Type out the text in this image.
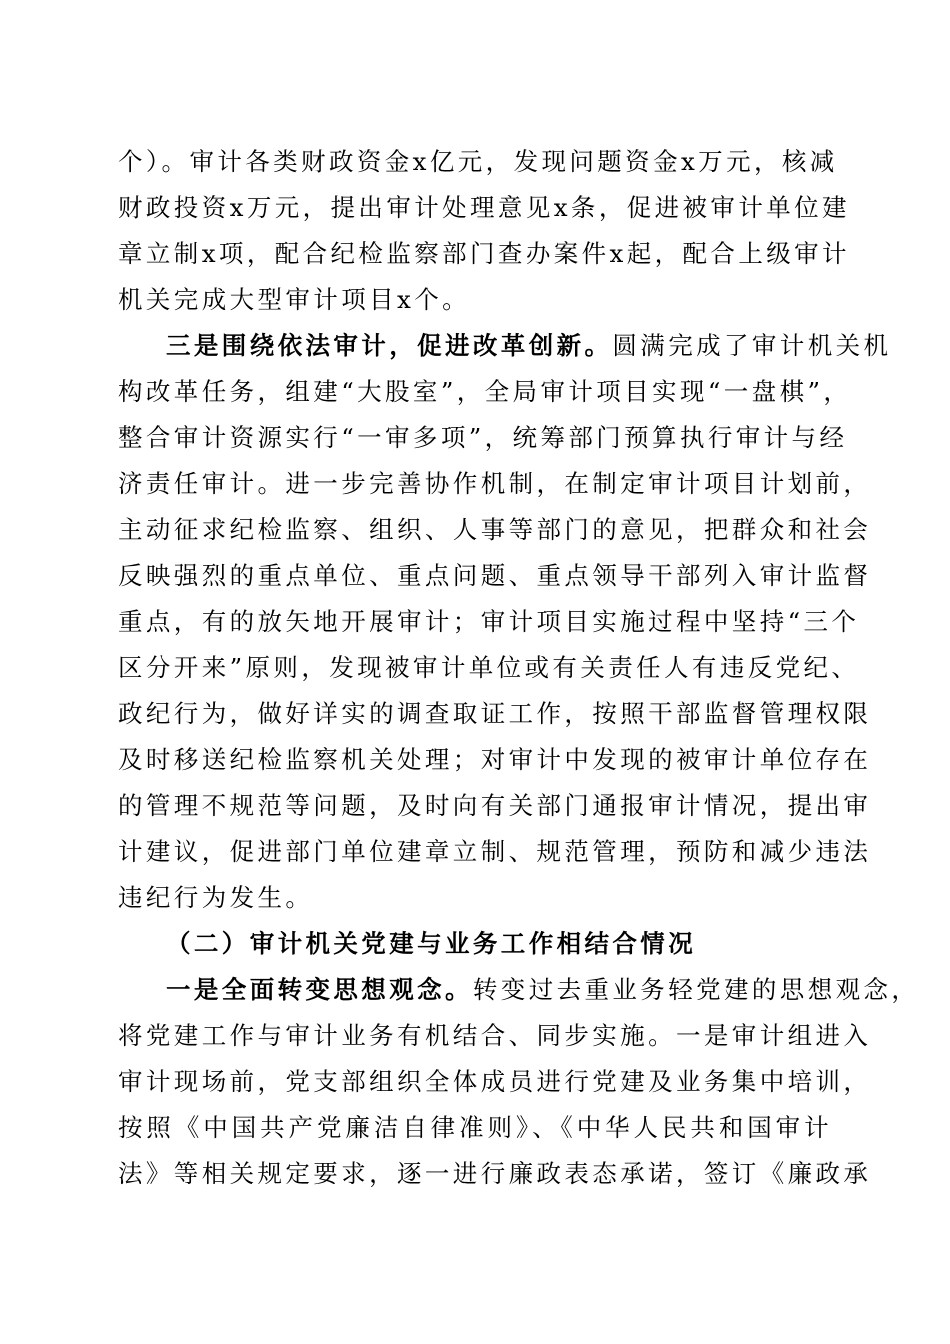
个）。审计各类财政资金x亿元，发现问题资金x万元，核减
财政投资x万元，提出审计处理意见x条，促进被审计单位建
章立制x项，配合纪检监察部门查办案件x起，配合上级审计
机关完成大型审计项目x个。
三是围绕依法审计，促进改革创新。圆满完成了审计机关机
构改革任务，组建“大股室”，全局审计项目实现“一盘棋”，
整合审计资源实行“一审多项”，统筹部门预算执行审计与经
济责任审计。进一步完善协作机制，在制定审计项目计划前，
主动征求纪检监察、组织、人事等部门的意见，把群众和社会
反映强烈的重点单位、重点问题、重点领导干部列入审计监督
重点，有的放矢地开展审计；审计项目实施过程中坚持“三个
区分开来”原则，发现被审计单位或有关责任人有违反党纪、
政纪行为，做好详实的调查取证工作，按照干部监督管理权限
及时移送纪检监察机关处理；对审计中发现的被审计单位存在
的管理不规范等问题，及时向有关部门通报审计情况，提出审
计建议，促进部门单位建章立制、规范管理，预防和减少违法
违纪行为发生。
（二）审计机关党建与业务工作相结合情况
一是全面转变思想观念。转变过去重业务轻党建的思想观念，
将党建工作与审计业务有机结合、同步实施。一是审计组进入
审计现场前，党支部组织全体成员进行党建及业务集中培训，
按照《中国共产党廉洁自律准则》、《中华人民共和国审计
法》等相关规定要求，逐一进行廉政表态承诺，签订《廉政承
